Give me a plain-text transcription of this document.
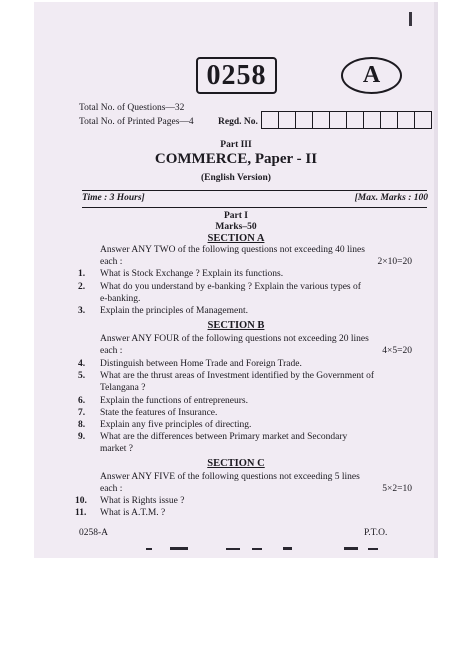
0258	A
Total No. of Questions—32
Total No. of Printed Pages—4	Regd. No.
Part III
COMMERCE, Paper - II
(English Version)
Time : 3 Hours]	[Max. Marks : 100
Part I
Marks–50
SECTION A
Answer ANY TWO of the following questions not exceeding 40 lines
each :	2×10=20
1. What is Stock Exchange ? Explain its functions.
2. What do you understand by e-banking ? Explain the various types of
e-banking.
3. Explain the principles of Management.
SECTION B
Answer ANY FOUR of the following questions not exceeding 20 lines
each :	4×5=20
4. Distinguish between Home Trade and Foreign Trade.
5. What are the thrust areas of Investment identified by the Government of
Telangana ?
6. Explain the functions of entrepreneurs.
7. State the features of Insurance.
8. Explain any five principles of directing.
9. What are the differences between Primary market and Secondary
market ?
SECTION C
Answer ANY FIVE of the following questions not exceeding 5 lines
each :	5×2=10
10. What is Rights issue ?
11. What is A.T.M. ?
0258-A	P.T.O.
